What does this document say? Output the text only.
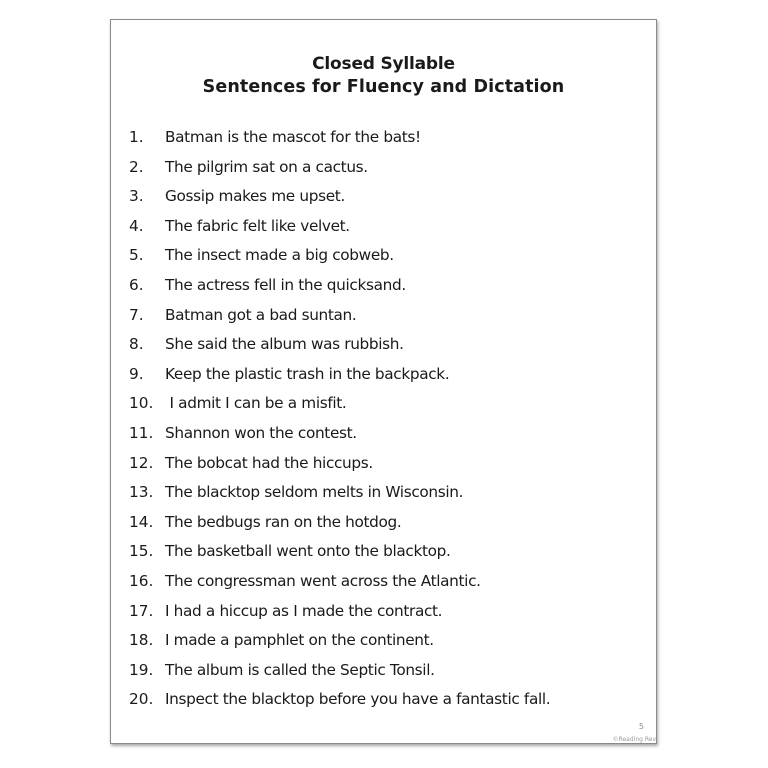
Closed Syllable
Sentences for Fluency and Dictation
1. Batman is the mascot for the bats!
2. The pilgrim sat on a cactus.
3. Gossip makes me upset.
4. The fabric felt like velvet.
5. The insect made a big cobweb.
6. The actress fell in the quicksand.
7. Batman got a bad suntan.
8. She said the album was rubbish.
9. Keep the plastic trash in the backpack.
10. I admit I can be a misfit.
11. Shannon won the contest.
12. The bobcat had the hiccups.
13. The blacktop seldom melts in Wisconsin.
14. The bedbugs ran on the hotdog.
15. The basketball went onto the blacktop.
16. The congressman went across the Atlantic.
17. I had a hiccup as I made the contract.
18. I made a pamphlet on the continent.
19. The album is called the Septic Tonsil.
20. Inspect the blacktop before you have a fantastic fall.
5
©Reading Rev
